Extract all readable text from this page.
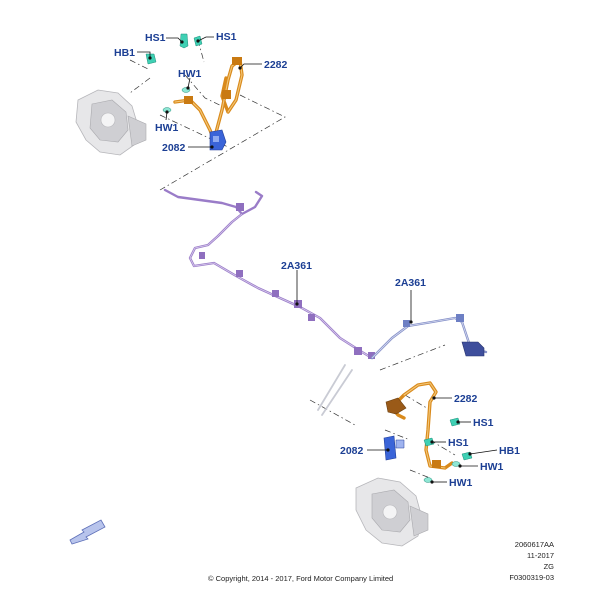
HS1	HS1
HB1
2282
HW1
HW1
2082
2A361
2A361
2282
HS1
HS1
2082	HB1
HW1
HW1
© Copyright, 2014 - 2017, Ford Motor Company Limited
2060617AA
11-2017
ZG
F0300319-03
